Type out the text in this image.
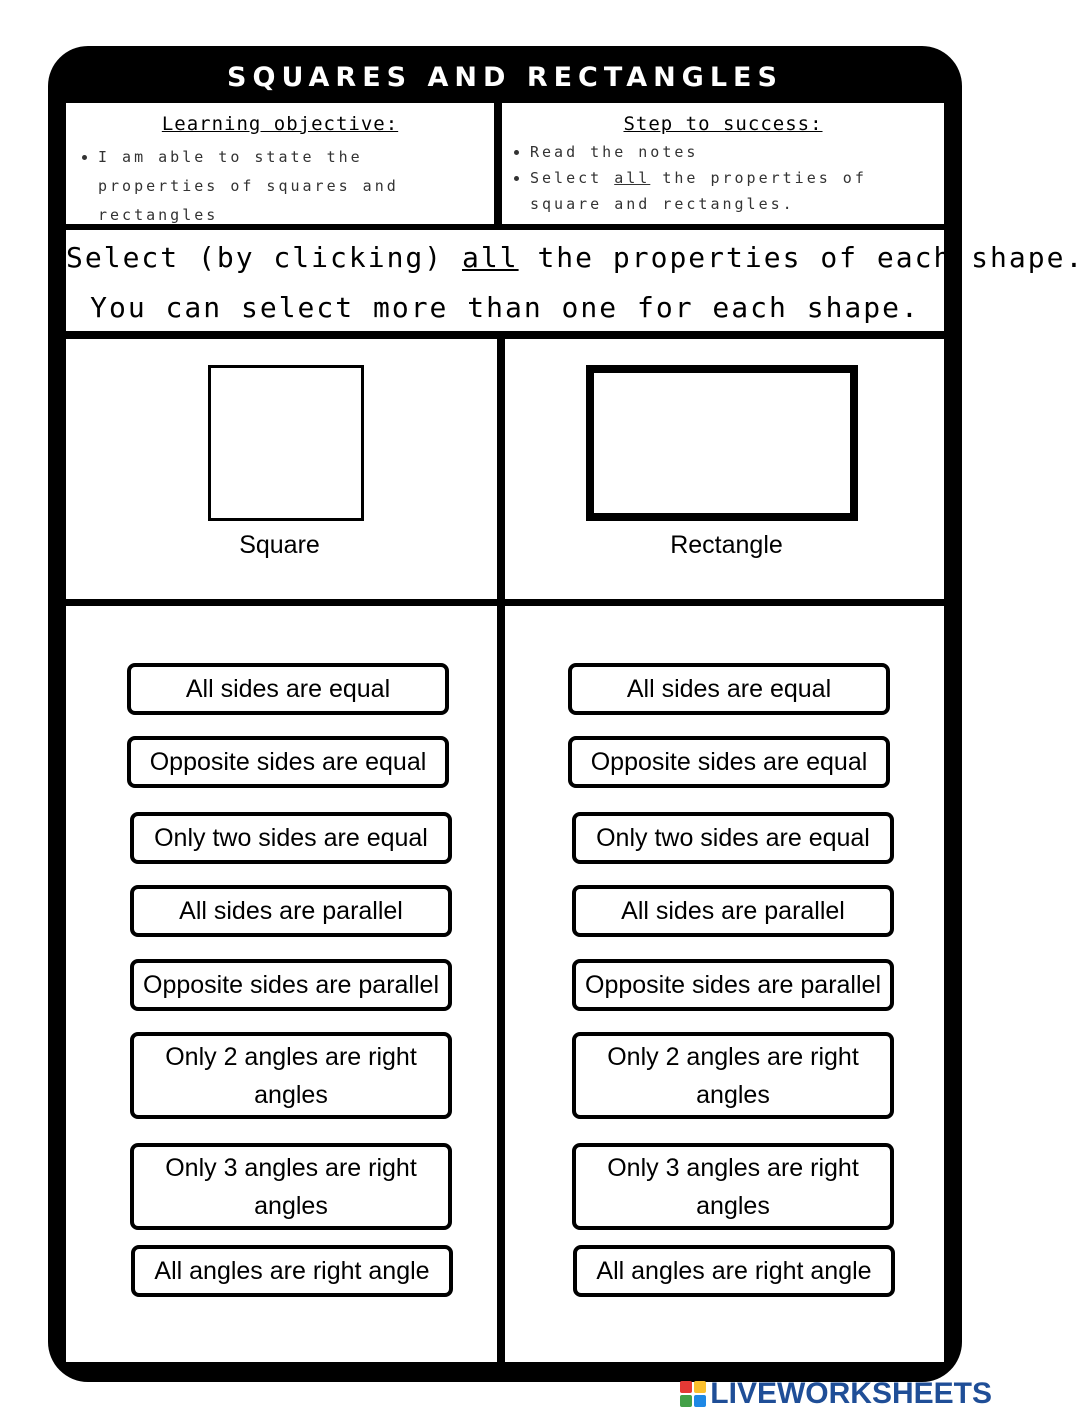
SQUARES AND RECTANGLES
Learning objective:
• I am able to state the properties of squares and rectangles
Step to success:
• Read the notes
• Select all the properties of square and rectangles.
Select (by clicking) all the properties of each shape.
You can select more than one for each shape.
Square	Rectangle
All sides are equal
Opposite sides are equal
Only two sides are equal
All sides are parallel
Opposite sides are parallel
Only 2 angles are right angles
Only 3 angles are right angles
All angles are right angle
All sides are equal
Opposite sides are equal
Only two sides are equal
All sides are parallel
Opposite sides are parallel
Only 2 angles are right angles
Only 3 angles are right angles
All angles are right angle
LIVEWORKSHEETS
